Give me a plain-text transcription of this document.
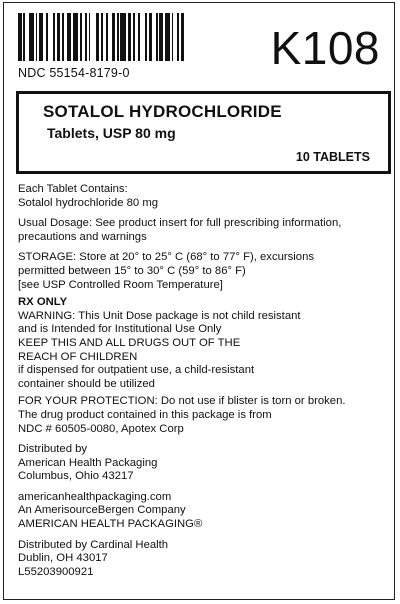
NDC 55154-8179-0	K108
SOTALOL HYDROCHLORIDE
Tablets, USP 80 mg
10 TABLETS

Each Tablet Contains:

Sotalol hydrochloride 80 mg

Usual Dosage: See product insert for full prescribing information,

precautions and warnings

STORAGE: Store at 20° to 25° C (68° to 77° F), excursions

permitted between 15° to 30° C (59° to 86° F)

[see USP Controlled Room Temperature]

RX ONLY

WARNING: This Unit Dose package is not child resistant

and is Intended for Institutional Use Only

KEEP THIS AND ALL DRUGS OUT OF THE

REACH OF CHILDREN

if dispensed for outpatient use, a child-resistant

container should be utilized

FOR YOUR PROTECTION: Do not use if blister is torn or broken.

The drug product contained in this package is from

NDC # 60505-0080, Apotex Corp

Distributed by

American Health Packaging

Columbus, Ohio 43217

americanhealthpackaging.com

An AmerisourceBergen Company

AMERICAN HEALTH PACKAGING®

Distributed by Cardinal Health

Dublin, OH 43017

L55203900921
